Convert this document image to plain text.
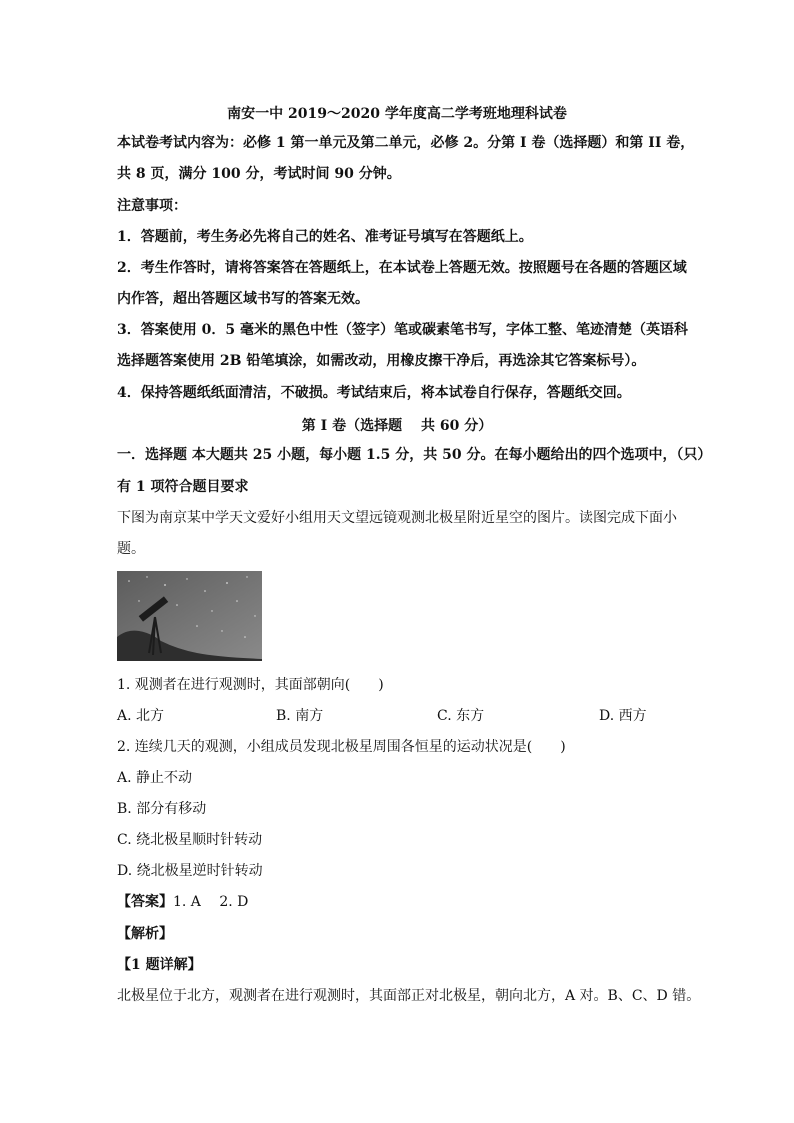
南安一中 2019～2020 学年度高二学考班地理科试卷
本试卷考试内容为：必修 1 第一单元及第二单元，必修 2。分第 I 卷（选择题）和第 II 卷，
共 8 页，满分 100 分，考试时间 90 分钟。
注意事项：
1．答题前，考生务必先将自己的姓名、准考证号填写在答题纸上。
2．考生作答时，请将答案答在答题纸上，在本试卷上答题无效。按照题号在各题的答题区域
内作答，超出答题区域书写的答案无效。
3．答案使用 0．5 毫米的黑色中性（签字）笔或碳素笔书写，字体工整、笔迹清楚（英语科
选择题答案使用 2B 铅笔填涂，如需改动，用橡皮擦干净后，再选涂其它答案标号）。
4．保持答题纸纸面清洁，不破损。考试结束后，将本试卷自行保存，答题纸交回。
第 I 卷（选择题　 共 60 分）
一．选择题 本大题共 25 小题，每小题 1.5 分，共 50 分。在每小题给出的四个选项中，（只）
有 1 项符合题目要求
下图为南京某中学天文爱好小组用天文望远镜观测北极星附近星空的图片。读图完成下面小
题。
1. 观测者在进行观测时，其面部朝向(　　)
A. 北方	B. 南方	C. 东方	D. 西方
2. 连续几天的观测，小组成员发现北极星周围各恒星的运动状况是(　　)
A. 静止不动
B. 部分有移动
C. 绕北极星顺时针转动
D. 绕北极星逆时针转动
【答案】1. A　 2. D
【解析】
【1 题详解】
北极星位于北方，观测者在进行观测时，其面部正对北极星，朝向北方，A 对。B、C、D 错。
